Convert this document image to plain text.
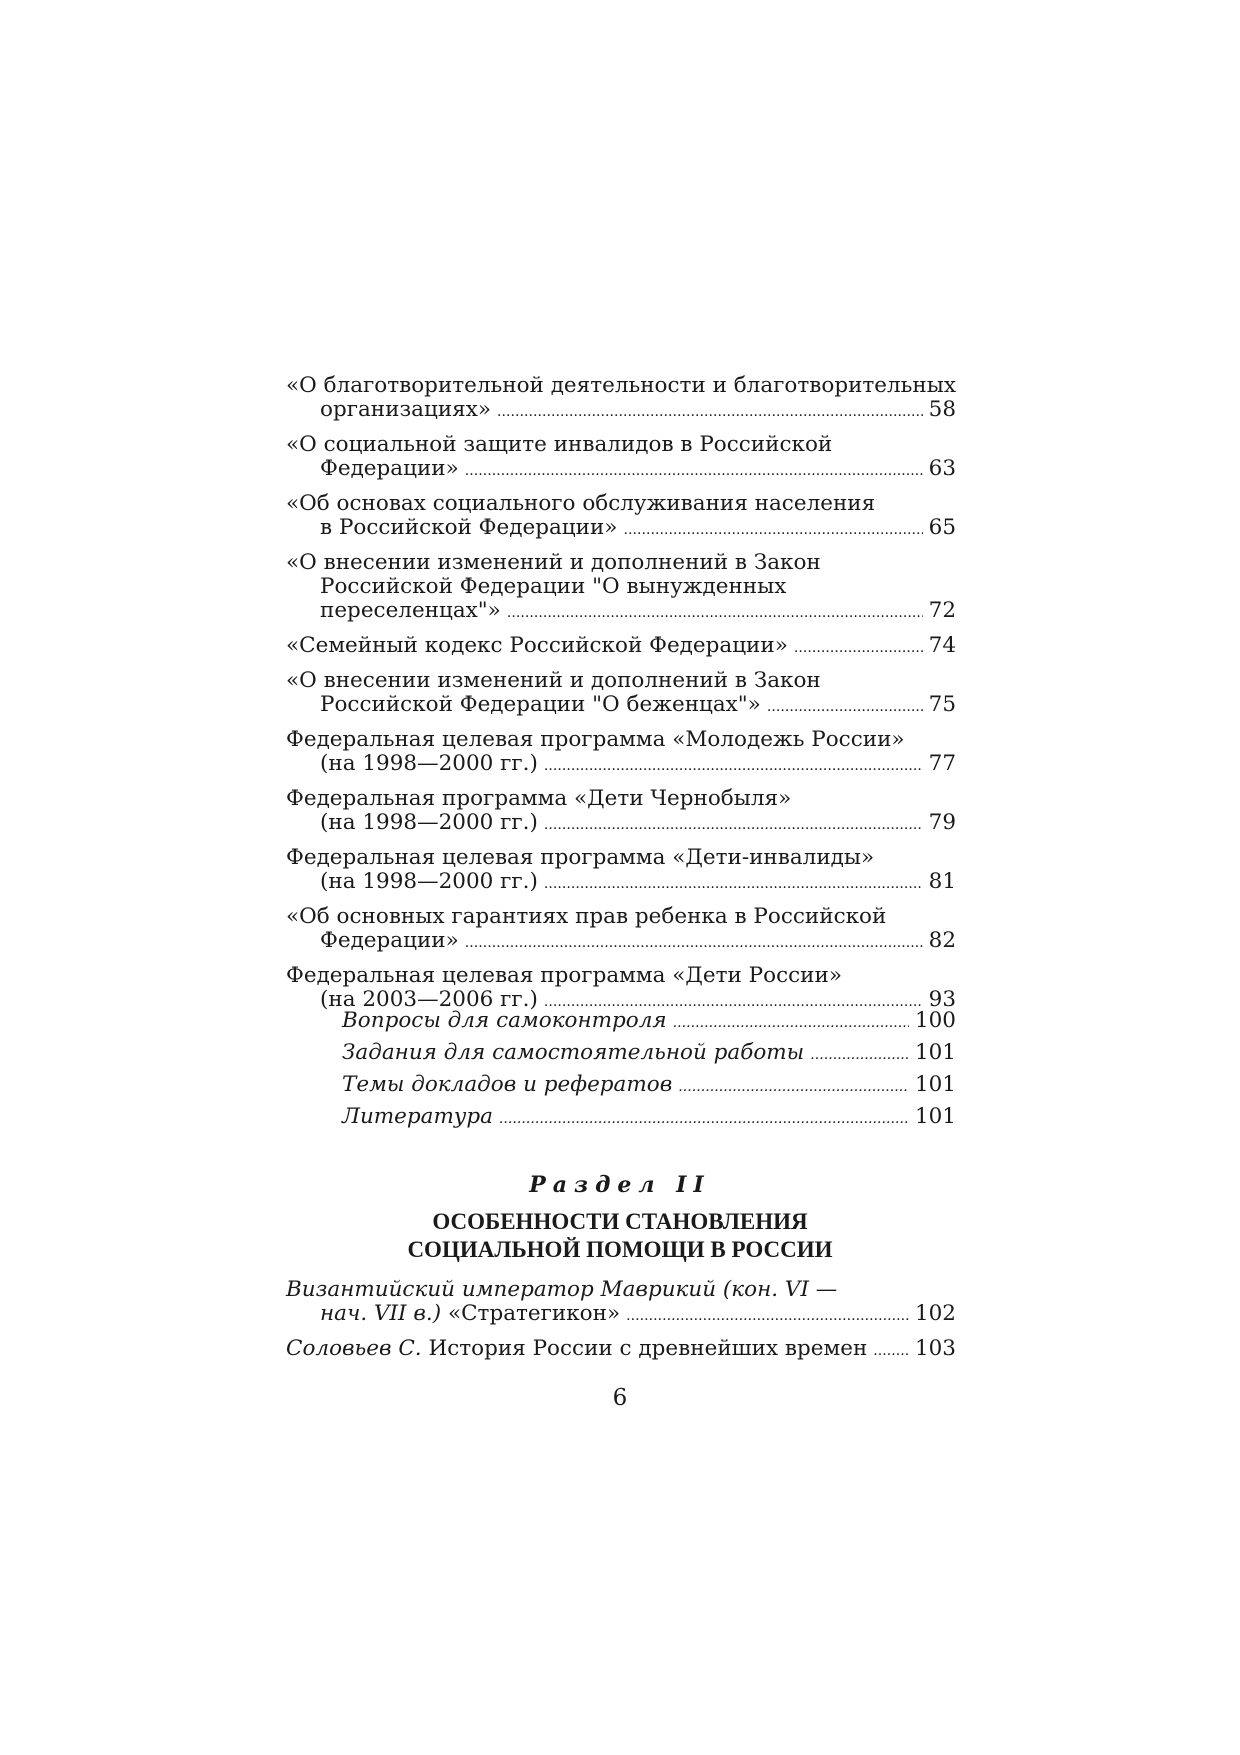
«О благотворительной деятельности и благотворительных
организациях» . . .	58
«О социальной защите инвалидов в Российской
Федерации» . . .	63
«Об основах социального обслуживания населения
в Российской Федерации» . . .	65
«О внесении изменений и дополнений в Закон
Российской Федерации "О вынужденных
переселенцах"» . . .	72
«Семейный кодекс Российской Федерации» . . .	74
«О внесении изменений и дополнений в Закон
Российской Федерации "О беженцах"» . . .	75
Федеральная целевая программа «Молодежь России»
(на 1998—2000 гг.) . . .	77
Федеральная программа «Дети Чернобыля»
(на 1998—2000 гг.) . . .	79
Федеральная целевая программа «Дети-инвалиды»
(на 1998—2000 гг.) . . .	81
«Об основных гарантиях прав ребенка в Российской
Федерации» . . .	82
Федеральная целевая программа «Дети России»
(на 2003—2006 гг.) . . .	93
Вопросы для самоконтроля . . .	100
Задания для самостоятельной работы . . .	101
Темы докладов и рефератов . . .	101
Литература . . .	101
Раздел II
ОСОБЕННОСТИ СТАНОВЛЕНИЯ
СОЦИАЛЬНОЙ ПОМОЩИ В РОССИИ
Византийский император Маврикий (кон. VI —
нач. VII в.) «Стратегикон» . . .	102
Соловьев С. История России с древнейших времен . . . 103
6
